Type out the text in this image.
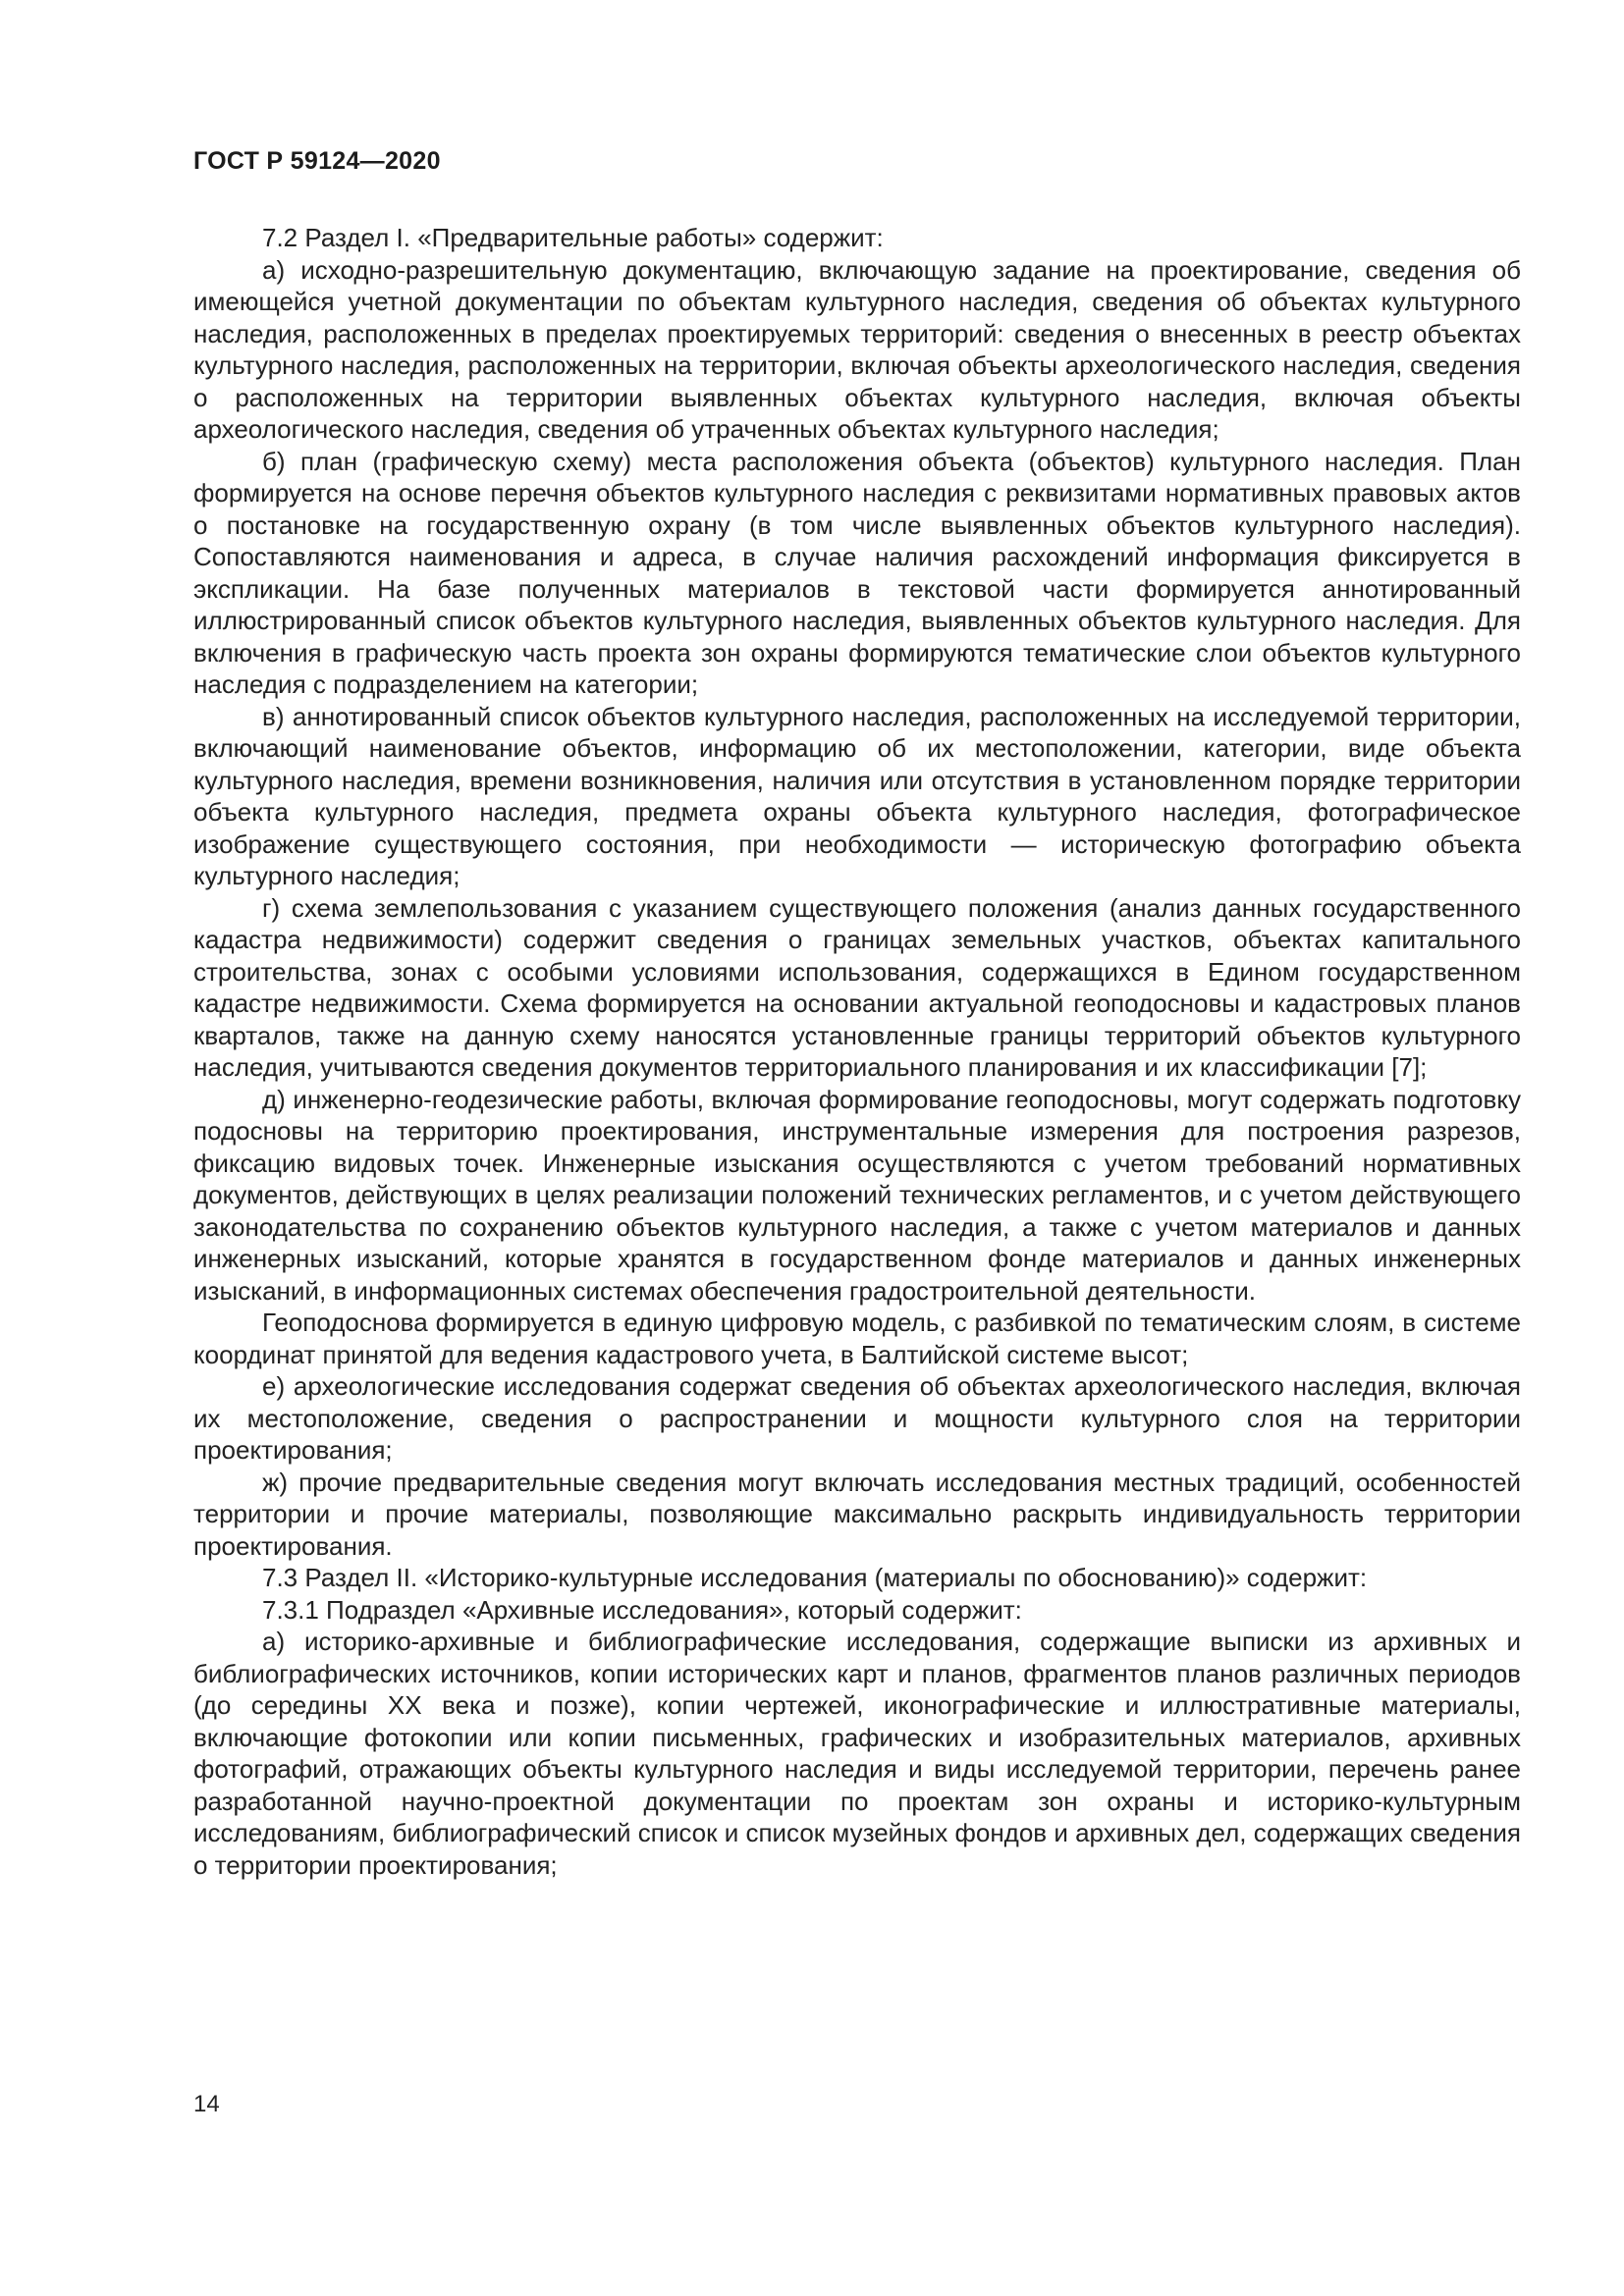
ГОСТ Р 59124—2020

7.2 Раздел I. «Предварительные работы» содержит:

а) исходно-разрешительную документацию, включающую задание на проектирование, сведения об имеющейся учетной документации по объектам культурного наследия, сведения об объектах культурного наследия, расположенных в пределах проектируемых территорий: сведения о внесенных в реестр объектах культурного наследия, расположенных на территории, включая объекты археологического наследия, сведения о расположенных на территории выявленных объектах культурного наследия, включая объекты археологического наследия, сведения об утраченных объектах культурного наследия;

б) план (графическую схему) места расположения объекта (объектов) культурного наследия. План формируется на основе перечня объектов культурного наследия с реквизитами нормативных правовых актов о постановке на государственную охрану (в том числе выявленных объектов культурного наследия). Сопоставляются наименования и адреса, в случае наличия расхождений информация фиксируется в экспликации. На базе полученных материалов в текстовой части формируется аннотированный иллюстрированный список объектов культурного наследия, выявленных объектов культурного наследия. Для включения в графическую часть проекта зон охраны формируются тематические слои объектов культурного наследия с подразделением на категории;

в) аннотированный список объектов культурного наследия, расположенных на исследуемой территории, включающий наименование объектов, информацию об их местоположении, категории, виде объекта культурного наследия, времени возникновения, наличия или отсутствия в установленном порядке территории объекта культурного наследия, предмета охраны объекта культурного наследия, фотографическое изображение существующего состояния, при необходимости — историческую фотографию объекта культурного наследия;

г) схема землепользования с указанием существующего положения (анализ данных государственного кадастра недвижимости) содержит сведения о границах земельных участков, объектах капитального строительства, зонах с особыми условиями использования, содержащихся в Едином государственном кадастре недвижимости. Схема формируется на основании актуальной геоподосновы и кадастровых планов кварталов, также на данную схему наносятся установленные границы территорий объектов культурного наследия, учитываются сведения документов территориального планирования и их классификации [7];

д) инженерно-геодезические работы, включая формирование геоподосновы, могут содержать подготовку подосновы на территорию проектирования, инструментальные измерения для построения разрезов, фиксацию видовых точек. Инженерные изыскания осуществляются с учетом требований нормативных документов, действующих в целях реализации положений технических регламентов, и с учетом действующего законодательства по сохранению объектов культурного наследия, а также с учетом материалов и данных инженерных изысканий, которые хранятся в государственном фонде материалов и данных инженерных изысканий, в информационных системах обеспечения градостроительной деятельности.

Геоподоснова формируется в единую цифровую модель, с разбивкой по тематическим слоям, в системе координат принятой для ведения кадастрового учета, в Балтийской системе высот;

е) археологические исследования содержат сведения об объектах археологического наследия, включая их местоположение, сведения о распространении и мощности культурного слоя на территории проектирования;

ж) прочие предварительные сведения могут включать исследования местных традиций, особенностей территории и прочие материалы, позволяющие максимально раскрыть индивидуальность территории проектирования.

7.3 Раздел II. «Историко-культурные исследования (материалы по обоснованию)» содержит:

7.3.1 Подраздел «Архивные исследования», который содержит:

а) историко-архивные и библиографические исследования, содержащие выписки из архивных и библиографических источников, копии исторических карт и планов, фрагментов планов различных периодов (до середины XX века и позже), копии чертежей, иконографические и иллюстративные материалы, включающие фотокопии или копии письменных, графических и изобразительных материалов, архивных фотографий, отражающих объекты культурного наследия и виды исследуемой территории, перечень ранее разработанной научно-проектной документации по проектам зон охраны и историко-культурным исследованиям, библиографический список и список музейных фондов и архивных дел, содержащих сведения о территории проектирования;

14
